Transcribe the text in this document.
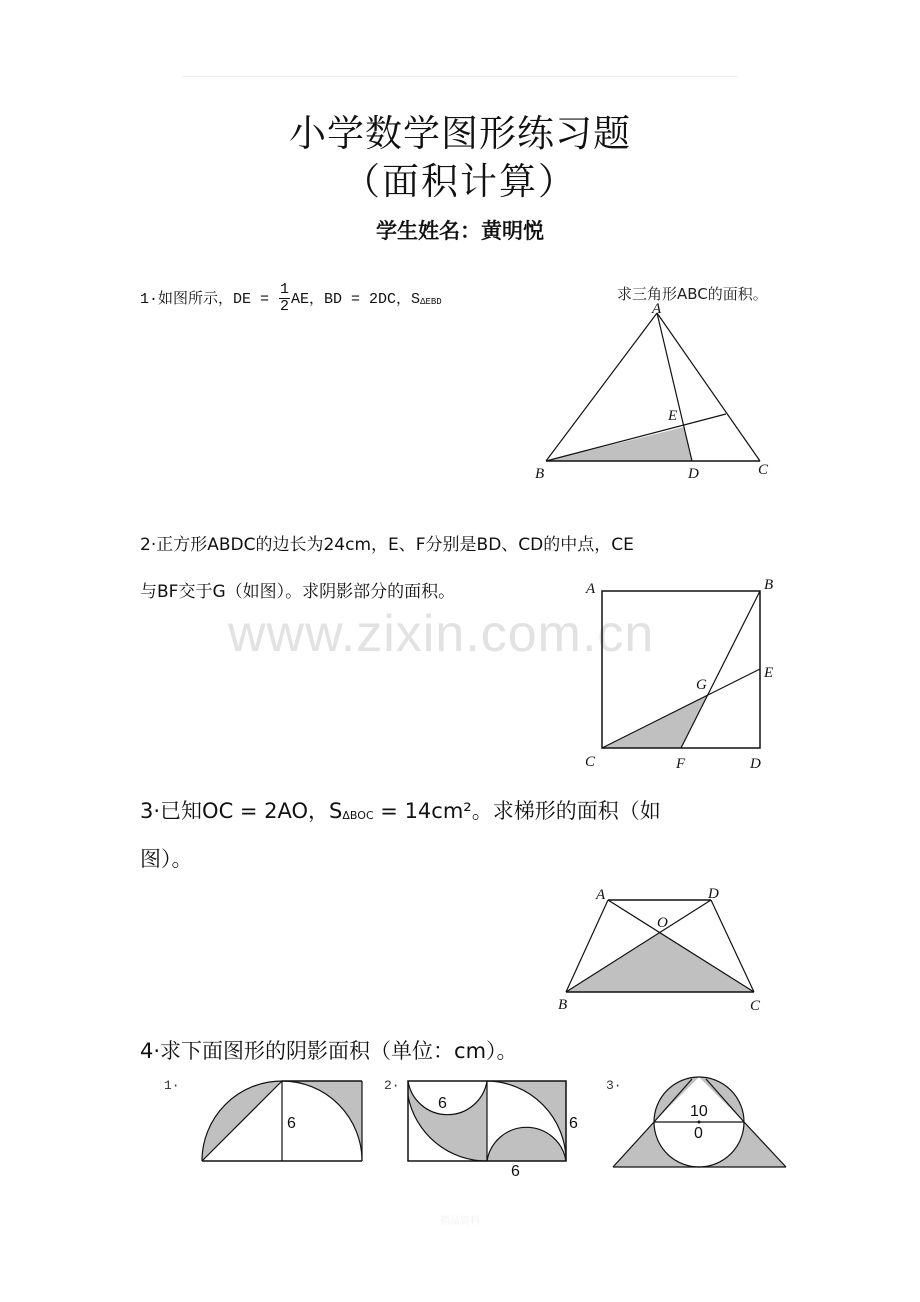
小学数学图形练习题
（面积计算）
学生姓名：黄明悦
www.zixin.com.cn
1·如图所示，DE = $\frac{1}{2}$ AE，BD = 2DC，SΔEBD	求三角形ABC的面积。
A
B	C
D
E
2·正方形ABDC的边长为24cm，E、F分别是BD、CD的中点，CE
与BF交于G（如图）。求阴影部分的面积。	A	B
C	D
E
F
G
3·已知OC = 2AO，SΔBOC = 14cm²。求梯形的面积（如
图）。
A	D
O
B	C
4·求下面图形的阴影面积（单位：cm）。
1·
6
2·
6
6
6
3·
10
0
精品资料
